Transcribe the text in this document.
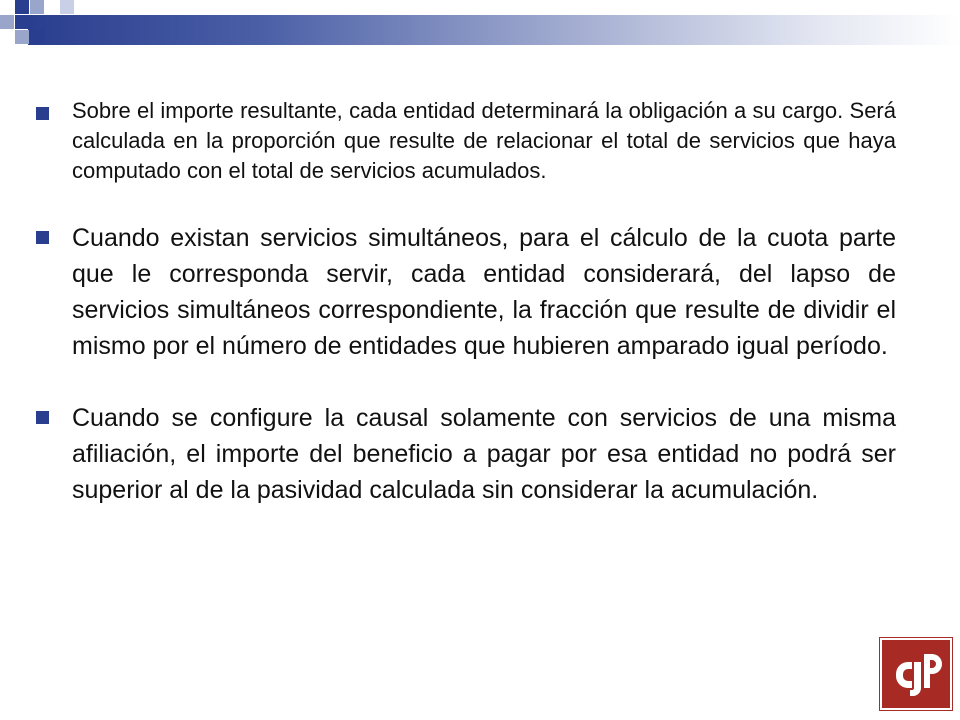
Sobre el importe resultante, cada entidad determinará la obligación a su cargo. Será calculada en la proporción que resulte de relacionar el total de servicios que haya computado con el total de servicios acumulados.
Cuando existan servicios simultáneos, para el cálculo de la cuota parte que le corresponda servir, cada entidad considerará, del lapso de servicios simultáneos correspondiente, la fracción que resulte de dividir el mismo por el número de entidades que hubieren amparado igual período.
Cuando se configure la causal solamente con servicios de una misma afiliación, el importe del beneficio a pagar por esa entidad no podrá ser superior al de la pasividad calculada sin considerar la acumulación.
